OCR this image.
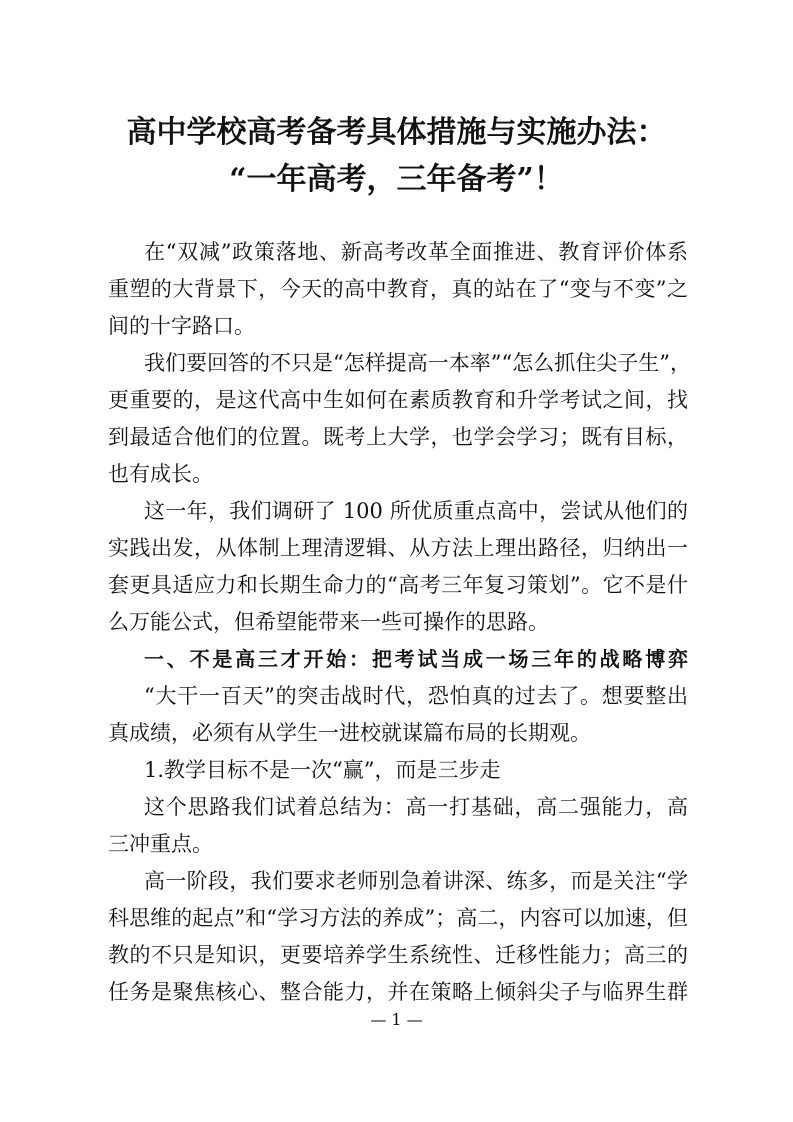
高中学校高考备考具体措施与实施办法：
“一年高考，三年备考”！
在“双减”政策落地、新高考改革全面推进、教育评价体系
重塑的大背景下，今天的高中教育，真的站在了“变与不变”之
间的十字路口。
我们要回答的不只是“怎样提高一本率”“怎么抓住尖子生”，
更重要的，是这代高中生如何在素质教育和升学考试之间，找
到最适合他们的位置。既考上大学，也学会学习；既有目标，
也有成长。
这一年，我们调研了 100 所优质重点高中，尝试从他们的
实践出发，从体制上理清逻辑、从方法上理出路径，归纳出一
套更具适应力和长期生命力的“高考三年复习策划”。它不是什
么万能公式，但希望能带来一些可操作的思路。
一、不是高三才开始：把考试当成一场三年的战略博弈
“大干一百天”的突击战时代，恐怕真的过去了。想要整出
真成绩，必须有从学生一进校就谋篇布局的长期观。
1.教学目标不是一次“赢”，而是三步走
这个思路我们试着总结为：高一打基础，高二强能力，高
三冲重点。
高一阶段，我们要求老师别急着讲深、练多，而是关注“学
科思维的起点”和“学习方法的养成”；高二，内容可以加速，但
教的不只是知识，更要培养学生系统性、迁移性能力；高三的
任务是聚焦核心、整合能力，并在策略上倾斜尖子与临界生群
— 1 —
